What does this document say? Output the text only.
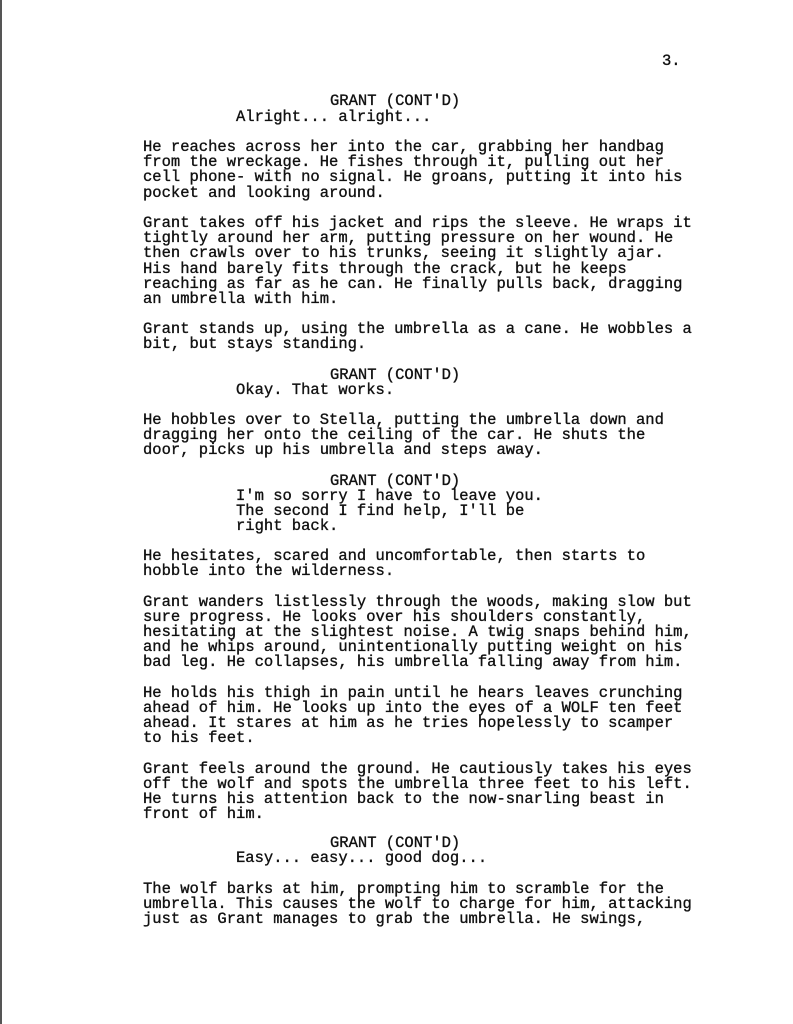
3.
GRANT (CONT'D)
Alright... alright...
He reaches across her into the car, grabbing her handbag
from the wreckage. He fishes through it, pulling out her
cell phone- with no signal. He groans, putting it into his
pocket and looking around.
Grant takes off his jacket and rips the sleeve. He wraps it
tightly around her arm, putting pressure on her wound. He
then crawls over to his trunks, seeing it slightly ajar.
His hand barely fits through the crack, but he keeps
reaching as far as he can. He finally pulls back, dragging
an umbrella with him.
Grant stands up, using the umbrella as a cane. He wobbles a
bit, but stays standing.
GRANT (CONT'D)
Okay. That works.
He hobbles over to Stella, putting the umbrella down and
dragging her onto the ceiling of the car. He shuts the
door, picks up his umbrella and steps away.
GRANT (CONT'D)
I'm so sorry I have to leave you.
The second I find help, I'll be
right back.
He hesitates, scared and uncomfortable, then starts to
hobble into the wilderness.
Grant wanders listlessly through the woods, making slow but
sure progress. He looks over his shoulders constantly,
hesitating at the slightest noise. A twig snaps behind him,
and he whips around, unintentionally putting weight on his
bad leg. He collapses, his umbrella falling away from him.
He holds his thigh in pain until he hears leaves crunching
ahead of him. He looks up into the eyes of a WOLF ten feet
ahead. It stares at him as he tries hopelessly to scamper
to his feet.
Grant feels around the ground. He cautiously takes his eyes
off the wolf and spots the umbrella three feet to his left.
He turns his attention back to the now-snarling beast in
front of him.
GRANT (CONT'D)
Easy... easy... good dog...
The wolf barks at him, prompting him to scramble for the
umbrella. This causes the wolf to charge for him, attacking
just as Grant manages to grab the umbrella. He swings,
